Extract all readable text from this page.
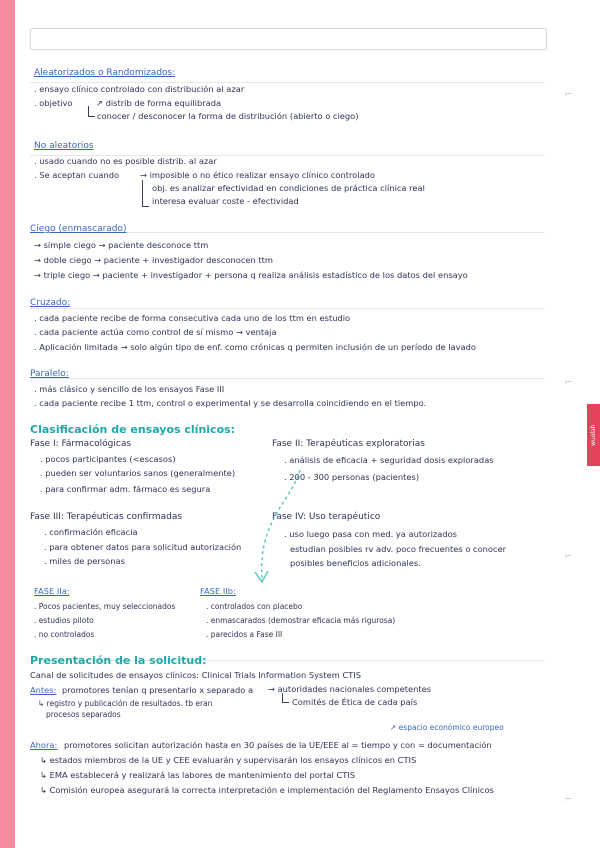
wuolah
⌐
⌐
⌐
⌐
Aleatorizados o Randomizados:
. ensayo clínico controlado con distribución al azar
. objetivo	↗ distrib de forma equilibrada
conocer / desconocer la forma de distribución (abierto o ciego)
No aleatorios
. usado cuando no es posible distrib. al azar
. Se aceptan cuando	→ imposible o no ético realizar ensayo clínico controlado
obj. es analizar efectividad en condiciones de práctica clínica real
interesa evaluar coste - efectividad
Ciego (enmascarado)
→ simple ciego → paciente desconoce ttm
→ doble ciego → paciente + investigador desconocen ttm
→ triple ciego → paciente + investigador + persona q realiza análisis estadístico de los datos del ensayo
Cruzado:
. cada paciente recibe de forma consecutiva cada uno de los ttm en estudio
. cada paciente actúa como control de sí mismo → ventaja
. Aplicación limitada → solo algún tipo de enf. como crónicas q permiten inclusión de un período de lavado
Paralelo:
. más clásico y sencillo de los ensayos Fase III
. cada paciente recibe 1 ttm, control o experimental y se desarrolla coincidiendo en el tiempo.
Clasificación de ensayos clínicos:
Fase I: Fármacológicas
. pocos participantes (<escasos)
. pueden ser voluntarios sanos (generalmente)
. para confirmar adm. fármaco es segura
Fase II: Terapéuticas exploratorias
. análisis de eficacia + seguridad dosis exploradas
. 200 - 300 personas (pacientes)
Fase III: Terapéuticas confirmadas
. confirmación eficacia
. para obtener datos para solicitud autorización
. miles de personas
Fase IV: Uso terapéutico
. uso luego pasa con med. ya autorizados
estudian posibles rv adv. poco frecuentes o conocer
posibles beneficios adicionales.
FASE IIa:
. Pocos pacientes, muy seleccionados
. estudios piloto
. no controlados
FASE IIb:
. controlados con placebo
. enmascarados (demostrar eficacia más rigurosa)
. parecidos a Fase III
Presentación de la solicitud:
Canal de solicitudes de ensayos clínicos: Clinical Trials Information System CTIS
Antes: promotores tenían q presentarlo x separado a → autoridades nacionales competentes
Comités de Ética de cada país
↳ registro y publicación de resultados. tb eran
procesos separados
↗ espacio económico europeo
Ahora: promotores solicitan autorización hasta en 30 países de la UE/EEE al = tiempo y con = documentación
↳ estados miembros de la UE y CEE evaluarán y supervisarán los ensayos clínicos en CTIS
↳ EMA establecerá y realizará las labores de mantenimiento del portal CTIS
↳ Comisión europea asegurará la correcta interpretación e implementación del Reglamento Ensayos Clínicos
